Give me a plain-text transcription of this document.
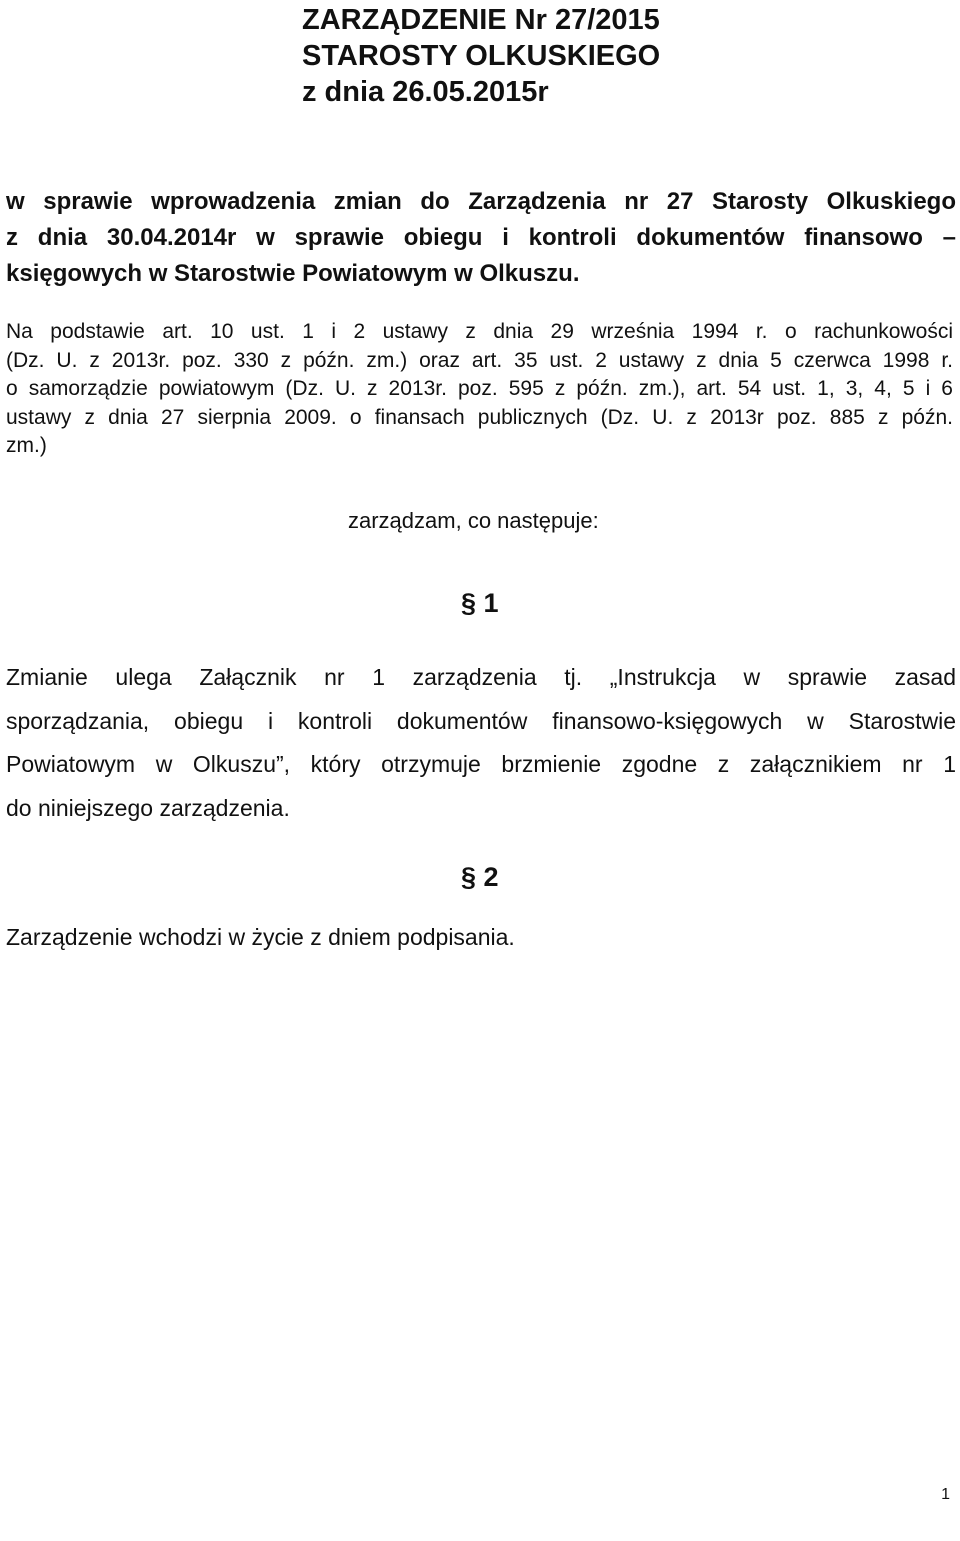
ZARZĄDZENIE Nr 27/2015
STAROSTY OLKUSKIEGO
z dnia 26.05.2015r
w sprawie wprowadzenia zmian do Zarządzenia nr 27 Starosty Olkuskiego
z dnia 30.04.2014r w sprawie obiegu i kontroli dokumentów finansowo –
księgowych w Starostwie Powiatowym w Olkuszu.
Na podstawie art. 10 ust. 1 i 2 ustawy z dnia 29 września 1994 r. o rachunkowości
(Dz. U. z 2013r. poz. 330 z późn. zm.) oraz art. 35 ust. 2 ustawy z dnia 5 czerwca 1998 r.
o samorządzie powiatowym (Dz. U. z 2013r. poz. 595 z późn. zm.), art. 54 ust. 1, 3, 4, 5 i 6
ustawy z dnia 27 sierpnia 2009. o finansach publicznych (Dz. U. z 2013r poz. 885 z późn.
zm.)
zarządzam, co następuje:
§ 1
Zmianie ulega Załącznik nr 1 zarządzenia tj. „Instrukcja w sprawie zasad
sporządzania, obiegu i kontroli dokumentów finansowo-księgowych w Starostwie
Powiatowym w Olkuszu”, który otrzymuje brzmienie zgodne z załącznikiem nr 1
do niniejszego zarządzenia.
§ 2
Zarządzenie wchodzi w życie z dniem podpisania.
1
